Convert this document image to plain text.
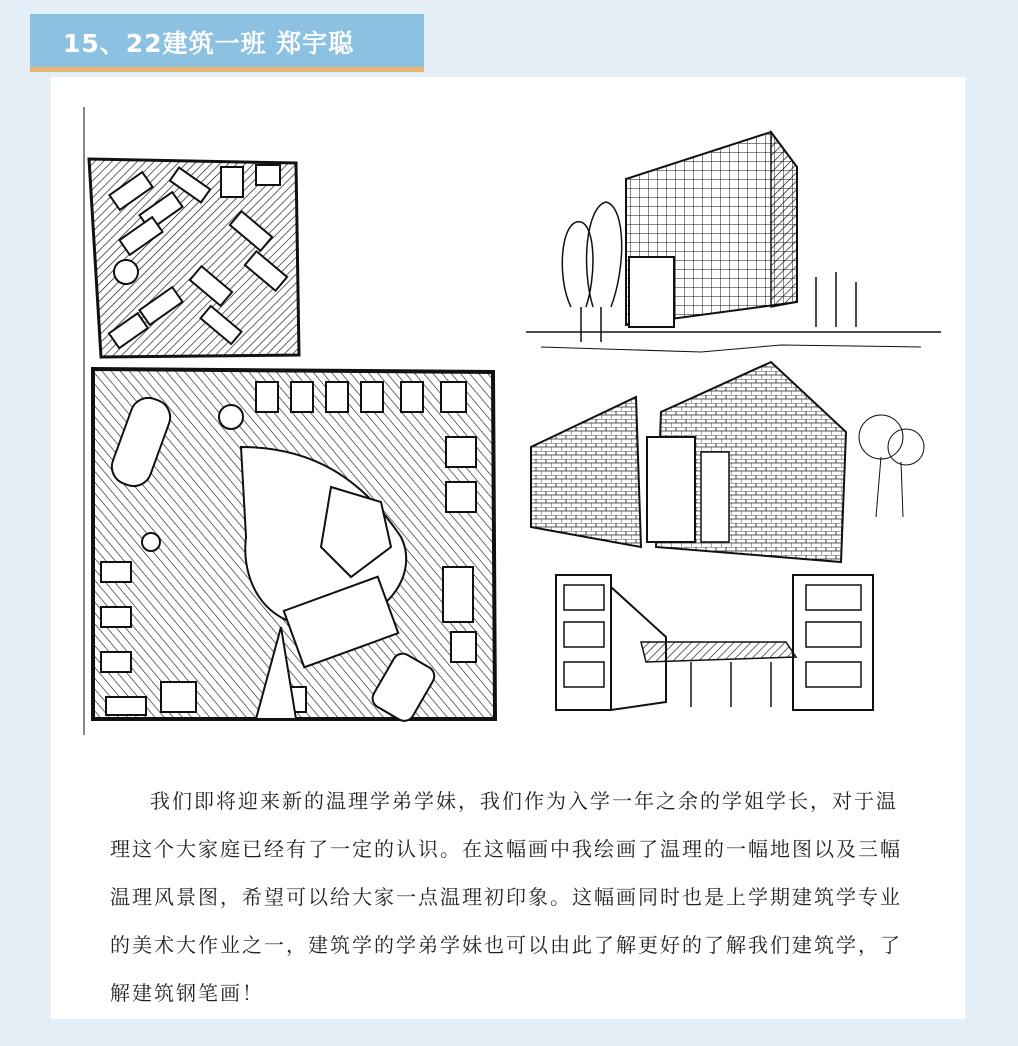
15、22建筑一班 郑宇聪

我们即将迎来新的温理学弟学妹，我们作为入学一年之余的学姐学长，对于温理这个大家庭已经有了一定的认识。在这幅画中我绘画了温理的一幅地图以及三幅温理风景图，希望可以给大家一点温理初印象。这幅画同时也是上学期建筑学专业的美术大作业之一，建筑学的学弟学妹也可以由此了解更好的了解我们建筑学，了解建筑钢笔画！
